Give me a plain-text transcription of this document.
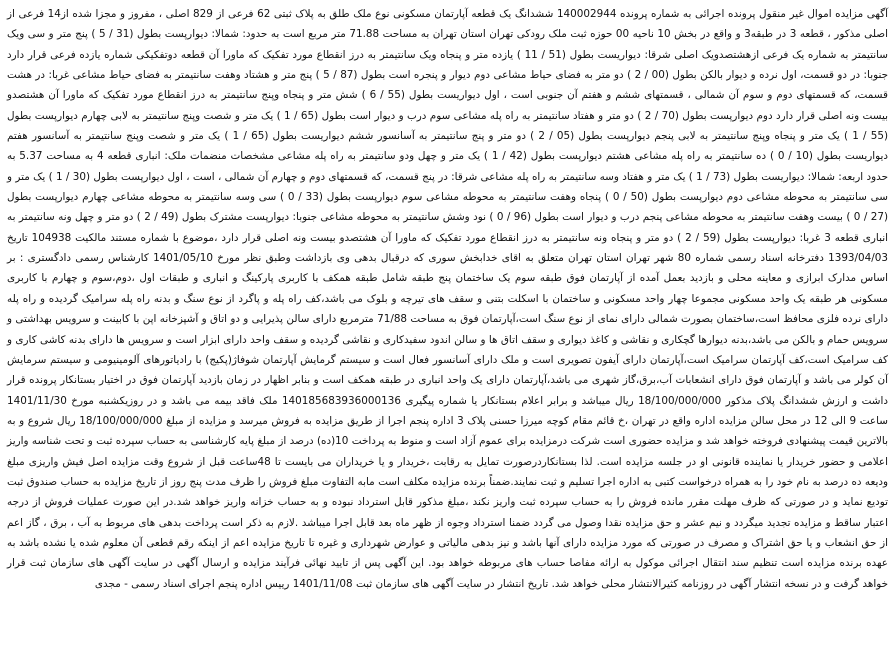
آگهی مزایده اموال غیر منقول پرونده اجرائی به شماره پرونده 140002944 ششدانگ یک قطعه آپارتمان مسکونی نوع ملک طلق به پلاک ثبتی 62 فرعی از 829 اصلی ، مفروز و مجزا شده از14 فرعی از اصلی مذکور ، قطعه 3 در طبقه3 و واقع در بخش 10 ناحیه 00 حوزه ثبت ملک رودکی تهران استان تهران به مساحت 71.88 متر مربع است به حدود: شمالا: دیوارپست بطول (31 / 5 ) پنج متر و سی ویک سانتیمتر به شماره یک فرعی ازهشتصدویک اصلی شرقا: دیواریست بطول (51 / 11 ) یازده متر و پنجاه ویک سانتیمتر به درز انقطاع مورد تفکیک که ماورا آن قطعه دوتفکیکی شماره یازده فرعی قرار دارد جنوبا: در دو قسمت، اول نرده و دیوار بالکن بطول (00 / 2 ) دو متر به فضای حیاط مشاعی دوم دیوار و پنجره است بطول (87 / 5 ) پنج متر و هشتاد وهفت سانتیمتر به فضای حیاط مشاعی غربا: در هشت قسمت، که قسمتهای دوم و سوم آن شمالی ، قسمتهای ششم و هفتم آن جنوبی است ، اول دیواریست بطول (55 / 6 ) شش متر و پنجاه وپنج سانتیمتر به درز انقطاع مورد تفکیک که ماورا آن هشتصدو بیست ونه اصلی قرار دارد دوم دیوارپست بطول (70 / 2 ) دو متر و هفتاد سانتیمتر به راه پله مشاعی سوم درب و دیوار است بطول (65 / 1 ) یک متر و شصت وپنج سانتیمتر به لابی چهارم دیوارپست بطول (55 / 1 ) یک متر و پنجاه وپنج سانتیمتر به لابی پنجم دیوارپست بطول (05 / 2 ) دو متر و پنج سانتیمتر به آسانسور ششم دیواریست بطول (65 / 1 ) یک متر و شصت وپنج سانتیمتر به آسانسور هفتم دیواریست بطول (10 / 0 ) ده سانتیمتر به راه پله مشاعی هشتم دیوارپست بطول (42 / 1 ) یک متر و چهل ودو سانتیمتر به راه پله مشاعی مشخصات منضمات ملک: انباری قطعه 4 به مساحت 5.37 به حدود اربعه: شمالا: دیواریست بطول (73 / 1 ) یک متر و هفتاد وسه سانتیمتر به راه پله مشاعی شرقا: در پنج قسمت، که قسمتهای دوم و چهارم آن شمالی ، است ، اول دیوارپست بطول (30 / 1 ) یک متر و سی سانتیمتر به محوطه مشاعی دوم دیوارپست بطول (50 / 0 ) پنجاه وهفت سانتیمتر به محوطه مشاعی سوم دیوارپست بطول (33 / 0 ) سی وسه سانتیمتر به محوطه مشاعی چهارم دیوارپست بطول (27 / 0 ) بیست وهفت سانتیمتر به محوطه مشاعی پنجم درب و دیوار است بطول (96 / 0 ) نود وشش سانتیمتر به محوطه مشاعی جنوبا: دیوارپست مشترک بطول (49 / 2 ) دو متر و چهل ونه سانتیمتر به انباری قطعه 3 غربا: دیوارپست بطول (59 / 2 ) دو متر و پنجاه ونه سانتیمتر به درز انقطاع مورد تفکیک که ماورا آن هشتصدو بیست ونه اصلی قرار دارد ،موضوع با شماره مستند مالکیت 104938 تاریخ 1393/04/03 دفترخانه اسناد رسمی شماره 80 شهر تهران استان تهران متعلق به اقای خدابخش سوری که درقبال بدهی وی بازداشت وطبق نظر مورخ 1401/05/10 کارشناس رسمی دادگستری : بر اساس مدارک ابرازی و معاینه محلی و بازدید بعمل آمده از آپارتمان فوق طبقه سوم یک ساختمان پنج طبقه شامل طبقه همکف با کاربری پارکینگ و انباری و طبقات اول ،دوم،سوم و چهارم با کاربری مسکونی هر طبقه یک واحد مسکونی مجموعا چهار واحد مسکونی و ساختمان با اسکلت بتنی و سقف های تیرچه و بلوک می باشد،کف راه پله و پاگرد از نوع سنگ و بدنه راه پله سرامیک گردیده و راه پله دارای نرده فلزی محافظ است،ساختمان بصورت شمالی دارای نمای از نوع سنگ است،آپارتمان فوق به مساحت 71/88 مترمربع دارای سالن پذیرایی و دو اتاق و آشپزخانه اپن با کابینت و سرویس بهداشتی و سرویس حمام و بالکن می باشد،بدنه دیوارها گچکاری و نقاشی و کاغذ دیواری و سقف اتاق ها و سالن اندود سفیدکاری و نقاشی گردیده و سقف واحد دارای ابزار است و سرویس ها دارای بدنه کاشی کاری و کف سرامیک است،کف آپارتمان سرامیک است،آپارتمان دارای آیفون تصویری است و ملک دارای آسانسور فعال است و سیستم گرمایش آپارتمان شوفاژ(پکیج) با رادیاتورهای آلومینیومی و سیستم سرمایش آن کولر می باشد و آپارتمان فوق دارای انشعابات آب،برق،گاز شهری می باشد،آپارتمان دارای یک واحد انباری در طبقه همکف است و بنابر اظهار در زمان بازدید آپارتمان فوق در اختیار بستانکار پرونده قرار داشت و ارزش ششدانگ پلاک مذکور 18/100/000/000 ریال میباشد و برابر اعلام بستانکار یا شماره پیگیری 140185683936000136 ملک فاقد بیمه می باشد و در روزیکشنبه مورخ 1401/11/30 ساعت 9 الی 12 در محل سالن مزایده اداره واقع در تهران ،خ قائم مقام کوچه میرزا حسنی پلاک 3 اداره پنجم اجرا از طریق مزایده به فروش میرسد و مزایده از مبلغ 18/100/000/000 ریال شروع و به بالاترین قیمت پیشنهادی فروخته خواهد شد و مزایده حضوری است شرکت درمزایده برای عموم آزاد است و منوط به پرداخت 10(ده) درصد از مبلغ پایه کارشناسی به حساب سپرده ثبت و تحت شناسه واریز اعلامی و حضور خریدار یا نماینده قانونی او در جلسه مزایده است. لذا بستانکاردرصورت تمایل به رقابت ،خریدار و یا خریداران می بایست تا 48ساعت قبل از شروع وقت مزایده اصل فیش واریزی مبلغ ودیعه ده درصد به نام خود را به همراه درخواست کتبی به اداره اجرا تسلیم و ثبت نمایند.ضمناً برنده مزایده مکلف است مابه التفاوت مبلغ فروش را ظرف مدت پنج روز از تاریخ مزایده به حساب صندوق ثبت تودیع نماید و در صورتی که ظرف مهلت مقرر مانده فروش را به حساب سپرده ثبت واریز نکند ،مبلغ مذکور قابل استرداد نبوده و به حساب خزانه واریز خواهد شد.در این صورت عملیات فروش از درجه اعتبار ساقط و مزایده تجدید میگردد و نیم عشر و حق مزایده نقدا وصول می گردد ضمنا استرداد وجوه از ظهر ماه بعد قابل اجرا میباشد .لازم به ذکر است پرداخت بدهی های مربوط به آب ، برق ، گاز اعم از حق انشعاب و یا حق اشتراک و مصرف در صورتی که مورد مزایده دارای آنها باشد و نیز بدهی مالیاتی و عوارض شهرداری و غیره تا تاریخ مزایده اعم از اینکه رقم قطعی آن معلوم شده یا نشده باشد به عهده برنده مزایده است تنظیم سند انتقال اجرائی موکول به ارائه مفاصا حساب های مربوطه خواهد بود. این آگهی پس از تایید نهائی فرآیند مزایده و ارسال آگهی در سایت آگهی های سازمان ثبت قرار خواهد گرفت و در نسخه انتشار آگهی در روزنامه کثیرالانتشار محلی خواهد شد. تاریخ انتشار در سایت آگهی های سازمان ثبت 1401/11/08 رییس اداره پنجم اجرای اسناد رسمی - مجدی
